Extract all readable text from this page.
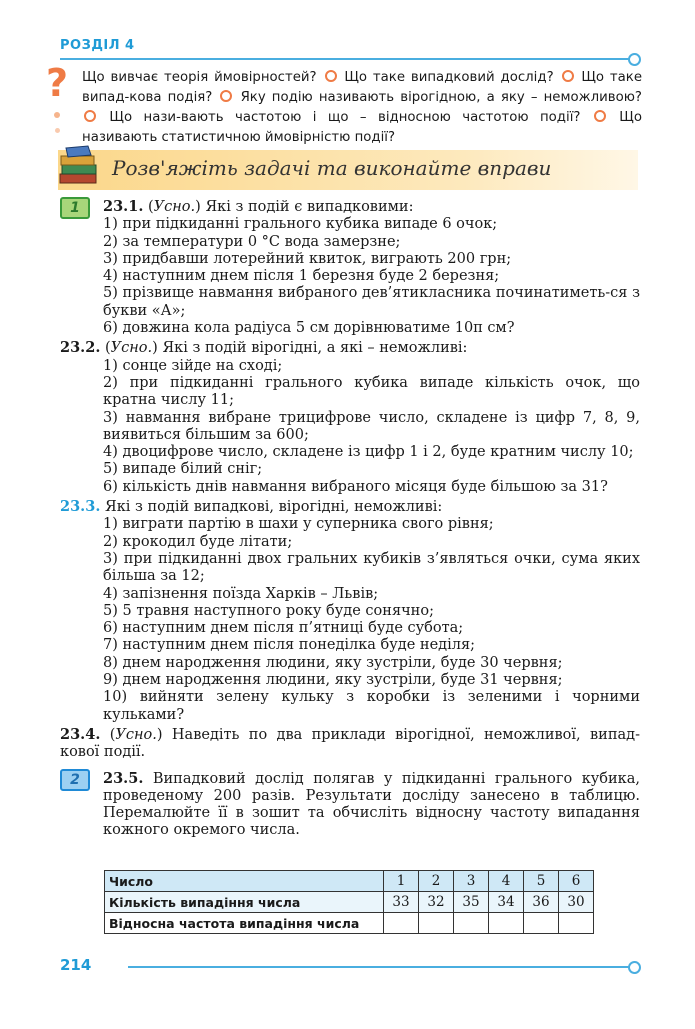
РОЗДІЛ 4
? Що вивчає теорія ймовірностей? Що таке випадковий дослід? Що таке випад-кова подія? Яку подію називають вірогідною, а яку – неможливою?  Що нази-вають частотою і що – відносною частотою події?	Що називають статистичною ймовірністю події?
Розв'яжіть задачі та виконайте вправи
1	23.1. (Усно.) Які з подій є випадковими:
1) при підкиданні грального кубика випаде 6 очок;
2) за температури 0 °С вода замерзне;
3) придбавши лотерейний квиток, виграють 200 грн;
4) наступним днем після 1 березня буде 2 березня;
5) прізвище навмання вибраного дев’ятикласника починатиметь-ся з букви «А»;
6) довжина кола радіуса 5 см дорівнюватиме 10π см?
23.2. (Усно.) Які з подій вірогідні, а які – неможливі:
1) сонце зійде на сході;
2) при підкиданні грального кубика випаде кількість очок, що кратна числу 11;
3) навмання вибране трицифрове число, складене із цифр 7, 8, 9, виявиться більшим за 600;
4) двоцифрове число, складене із цифр 1 і 2, буде кратним числу 10;
5) випаде білий сніг;
6) кількість днів навмання вибраного місяця буде більшою за 31?
23.3. Які з подій випадкові, вірогідні, неможливі:
1) виграти партію в шахи у суперника свого рівня;
2) крокодил буде літати;
3) при підкиданні двох гральних кубиків з’являться очки, сума яких більша за 12;
4) запізнення поїзда Харків – Львів;
5) 5 травня наступного року буде сонячно;
6) наступним днем після п’ятниці буде субота;
7) наступним днем після понеділка буде неділя;
8) днем народження людини, яку зустріли, буде 30 червня;
9) днем народження людини, яку зустріли, буде 31 червня;
10) вийняти зелену кульку з коробки із зеленими і чорними кульками?
23.4. (Усно.) Наведіть по два приклади вірогідної, неможливої, випад-кової події.
2	23.5. Випадковий дослід полягав у підкиданні грального кубика, проведеному 200 разів. Результати досліду занесено в таблицю. Перемалюйте її в зошит та обчисліть відносну частоту випадання кожного окремого числа.
Число	1	2	3	4	5	6
Кількість випадіння числа	33	32	35	34	36	30
Відносна частота випадіння числа						
214
